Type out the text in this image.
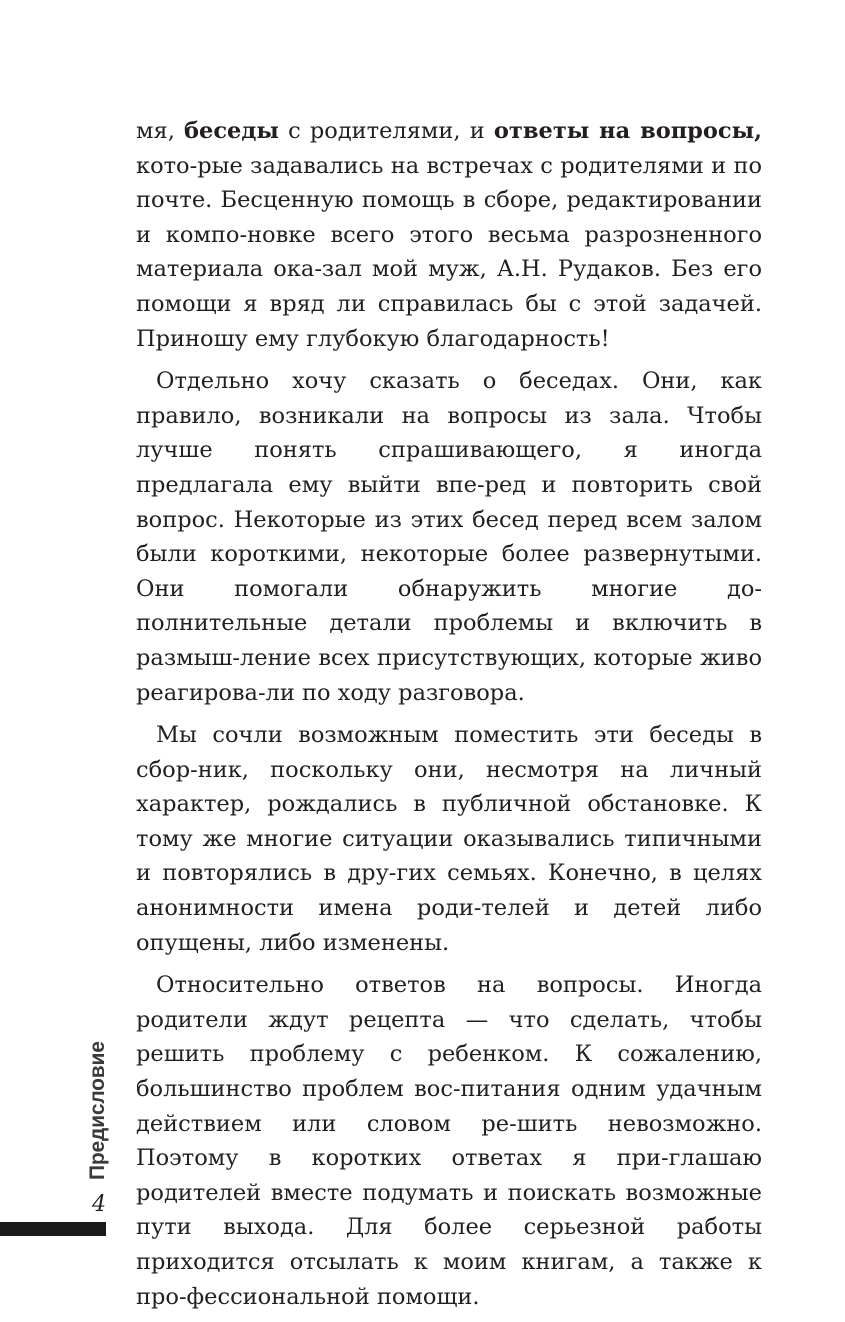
мя, беседы с родителями, и ответы на вопросы, кото-рые задавались на встречах с родителями и по почте. Бесценную помощь в сборе, редактировании и компо-новке всего этого весьма разрозненного материала ока-зал мой муж, А.Н. Рудаков. Без его помощи я вряд ли справилась бы с этой задачей. Приношу ему глубокую благодарность!

Отдельно хочу сказать о беседах. Они, как правило, возникали на вопросы из зала. Чтобы лучше понять спрашивающего, я иногда предлагала ему выйти впе-ред и повторить свой вопрос. Некоторые из этих бесед перед всем залом были короткими, некоторые более развернутыми. Они помогали обнаружить многие до-полнительные детали проблемы и включить в размыш-ление всех присутствующих, которые живо реагирова-ли по ходу разговора.

Мы сочли возможным поместить эти беседы в сбор-ник, поскольку они, несмотря на личный характер, рождались в публичной обстановке. К тому же многие ситуации оказывались типичными и повторялись в дру-гих семьях. Конечно, в целях анонимности имена роди-телей и детей либо опущены, либо изменены.

Относительно ответов на вопросы. Иногда родители ждут рецепта — что сделать, чтобы решить проблему с ребенком. К сожалению, большинство проблем вос-питания одним удачным действием или словом ре-шить невозможно. Поэтому в коротких ответах я при-глашаю родителей вместе подумать и поискать возможные пути выхода. Для более серьезной работы приходится отсылать к моим книгам, а также к про-фессиональной помощи.

Предисловие
4
